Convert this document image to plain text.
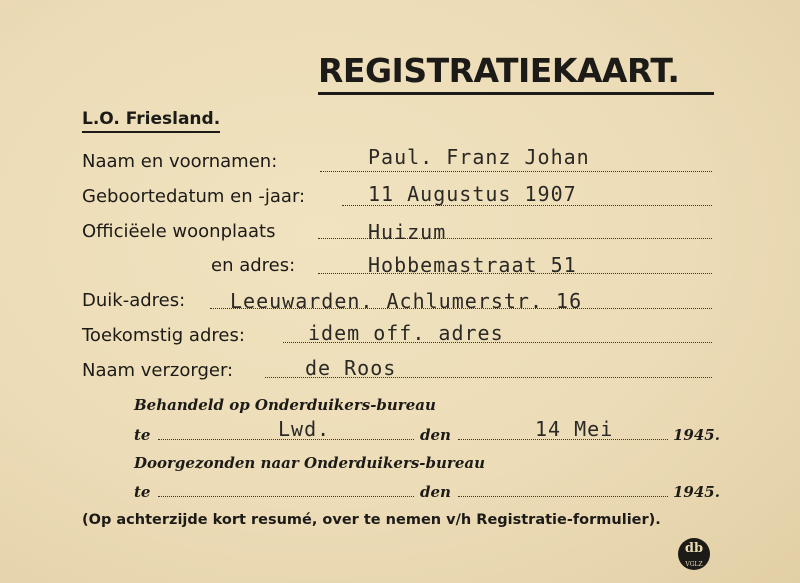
REGISTRATIEKAART.
L.O. Friesland.
Naam en voornamen:	Paul. Franz Johan
Geboortedatum en -jaar:	11 Augustus 1907
Officiëele woonplaats	Huizum
en adres:	Hobbemastraat 51
Duik-adres: Leeuwarden. Achlumerstr. 16
Toekomstig adres:	idem off. adres
Naam verzorger:	de Roos
Behandeld op Onderduikers-bureau
te	Lwd.	den	14 Mei	1945.
Doorgezonden naar Onderduikers-bureau
te	den	1945.
(Op achterzijde kort resumé, over te nemen v/h Registratie-formulier).
db
VGLZ
